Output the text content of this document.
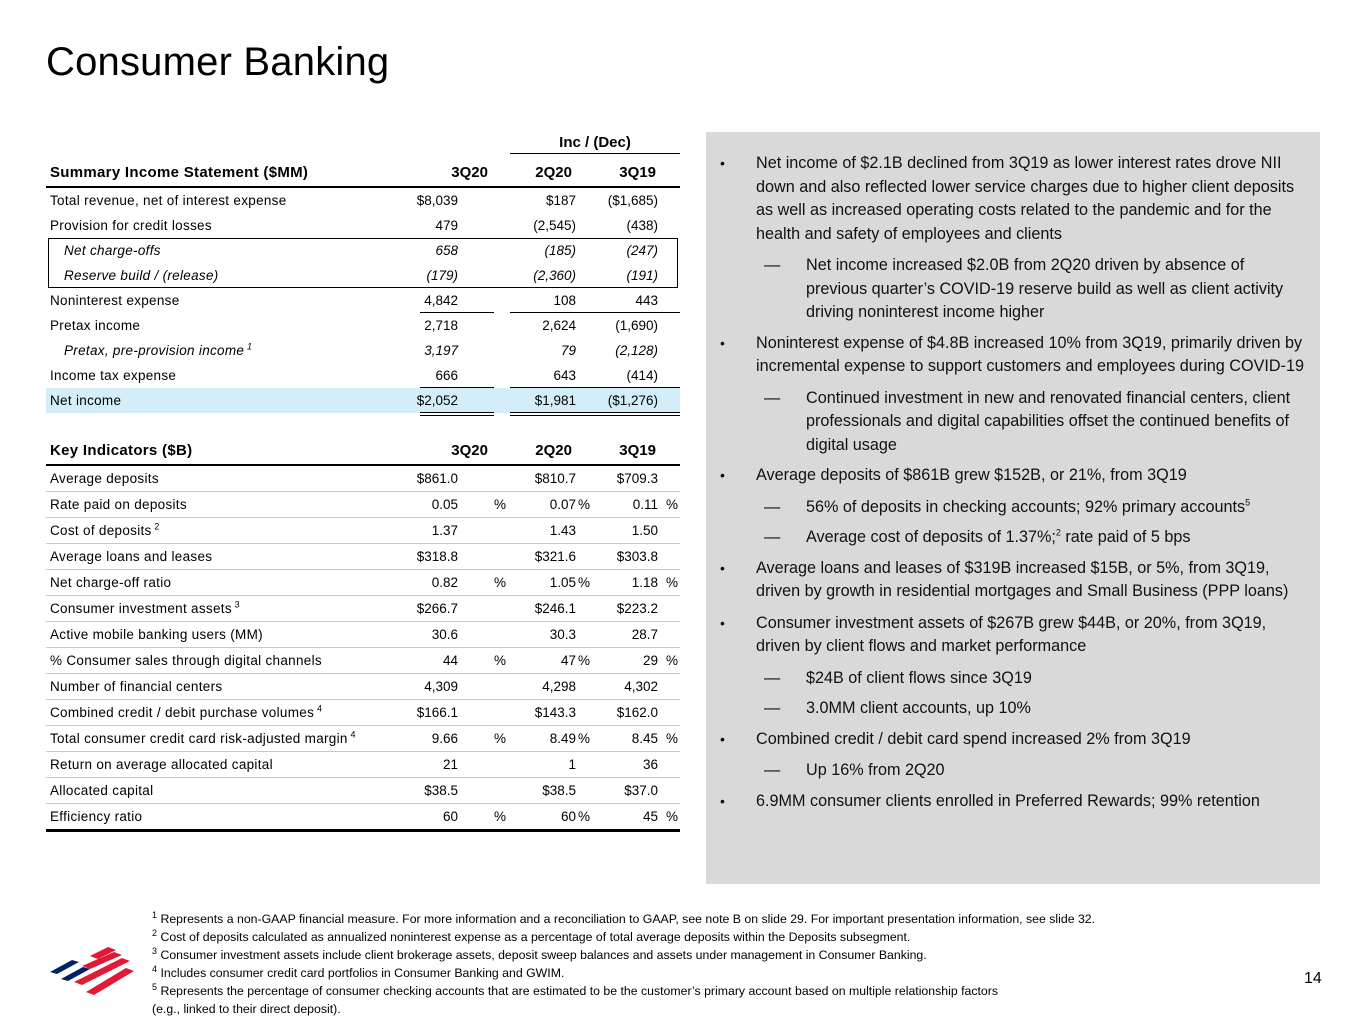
Consumer Banking
Inc / (Dec)
Summary Income Statement ($MM)	3Q20	2Q20	3Q19
Total revenue, net of interest expense	$8,039	$187 ($1,685)
Provision for credit losses	479	(2,545)	(438)
Net charge-offs	658	(185)	(247)
Reserve build / (release)	(179)	(2,360)	(191)
Noninterest expense	4,842	108	443
Pretax income	2,718	2,624	(1,690)
Pretax, pre-provision income $^1$	3,197	79	(2,128)
Income tax expense	666	643	(414)
Net income	$2,052	$1,981 ($1,276)
Key Indicators ($B)	3Q20	2Q20	3Q19
Average deposits	$861.0	$810.7	$709.3
Rate paid on deposits	0.05	%	0.07 %	0.11 %
Cost of deposits $^2$	1.37	1.43	1.50
Average loans and leases	$318.8	$321.6	$303.8
Net charge-off ratio	0.82	%	1.05 %	1.18 %
Consumer investment assets $^3$	$266.7	$246.1	$223.2
Active mobile banking users (MM)	30.6	30.3	28.7
% Consumer sales through digital channels	44	%	47 %	29 %
Number of financial centers	4,309	4,298	4,302
Combined credit / debit purchase volumes $^4$	$166.1	$143.3	$162.0
Total consumer credit card risk-adjusted margin $^4$	9.66	%	8.49 %	8.45 %
Return on average allocated capital	21	1	36
Allocated capital	$38.5	$38.5	$37.0
Efficiency ratio	60	%	60 %	45 %
• Net income of $2.1B declined from 3Q19 as lower interest rates drove NII down and also reflected lower service charges due to higher client deposits as well as increased operating costs related to the pandemic and for the health and safety of employees and clients
— Net income increased $2.0B from 2Q20 driven by absence of previous quarter’s COVID-19 reserve build as well as client activity driving noninterest income higher
• Noninterest expense of $4.8B increased 10% from 3Q19, primarily driven by incremental expense to support customers and employees during COVID-19
— Continued investment in new and renovated financial centers, client professionals and digital capabilities offset the continued benefits of digital usage
• Average deposits of $861B grew $152B, or 21%, from 3Q19
— 56% of deposits in checking accounts; 92% primary accounts$^5$
— Average cost of deposits of 1.37%;$^2$ rate paid of 5 bps
• Average loans and leases of $319B increased $15B, or 5%, from 3Q19, driven by growth in residential mortgages and Small Business (PPP loans)
• Consumer investment assets of $267B grew $44B, or 20%, from 3Q19, driven by client flows and market performance
— $24B of client flows since 3Q19
— 3.0MM client accounts, up 10%
• Combined credit / debit card spend increased 2% from 3Q19
— Up 16% from 2Q20
• 6.9MM consumer clients enrolled in Preferred Rewards; 99% retention
$^1$ Represents a non-GAAP financial measure. For more information and a reconciliation to GAAP, see note B on slide 29. For important presentation information, see slide 32.
$^2$ Cost of deposits calculated as annualized noninterest expense as a percentage of total average deposits within the Deposits subsegment.
$^3$ Consumer investment assets include client brokerage assets, deposit sweep balances and assets under management in Consumer Banking.
$^4$ Includes consumer credit card portfolios in Consumer Banking and GWIM.
$^5$ Represents the percentage of consumer checking accounts that are estimated to be the customer’s primary account based on multiple relationship factors
(e.g., linked to their direct deposit).
14
